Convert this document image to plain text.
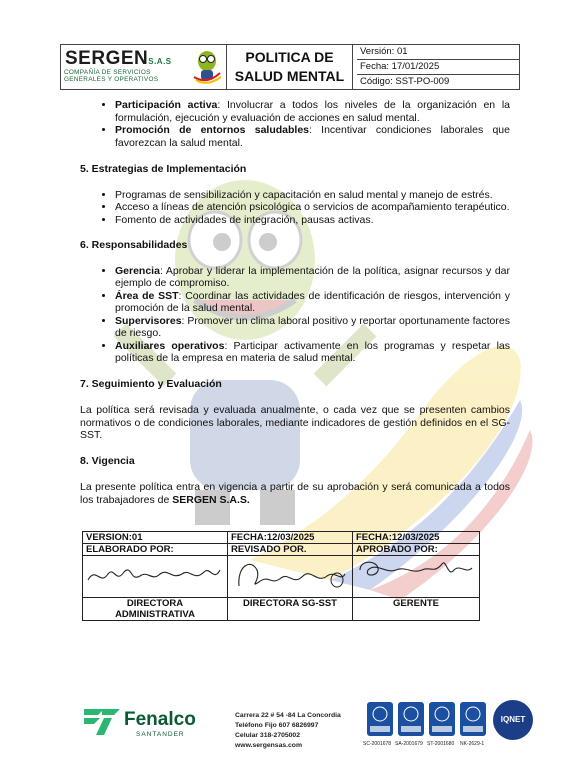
SERGENS.A.S
COMPAÑÍA DE SERVICIOS
GENERALES Y OPERATIVOS

POLITICA DE
SALUD MENTAL

Versión: 01
Fecha: 17/01/2025
Código: SST-PO-009
• Participación activa: Involucrar a todos los niveles de la organización en la formulación, ejecución y evaluación de acciones en salud mental.
• Promoción de entornos saludables: Incentivar condiciones laborales que favorezcan la salud mental.
5. Estrategias de Implementación
• Programas de sensibilización y capacitación en salud mental y manejo de estrés.
• Acceso a líneas de atención psicológica o servicios de acompañamiento terapéutico.
• Fomento de actividades de integración, pausas activas.
6. Responsabilidades
• Gerencia: Aprobar y liderar la implementación de la política, asignar recursos y dar ejemplo de compromiso.
• Área de SST: Coordinar las actividades de identificación de riesgos, intervención y promoción de la salud mental.
• Supervisores: Promover un clima laboral positivo y reportar oportunamente factores de riesgo.
• Auxiliares operativos: Participar activamente en los programas y respetar las políticas de la empresa en materia de salud mental.
7. Seguimiento y Evaluación

La política será revisada y evaluada anualmente, o cada vez que se presenten cambios normativos o de condiciones laborales, mediante indicadores de gestión definidos en el SG-SST.

8. Vigencia

La presente política entra en vigencia a partir de su aprobación y será comunicada a todos los trabajadores de SERGEN S.A.S.

VERSION:01	FECHA:12/03/2025	FECHA:12/03/2025
ELABORADO POR:	REVISADO POR.	APROBADO POR:

DIRECTORA ADMINISTRATIVA	DIRECTORA SG-SST	GERENTE
Fenalco
SANTANDER
Carrera 22 # 54 -84 La Concordia
Teléfono Fijo 607 6826997
Celular 318-2705002
www.sergensas.com	SC-2001678 SA-2001679 ST-2001680 NK-2629-1
IQNET
